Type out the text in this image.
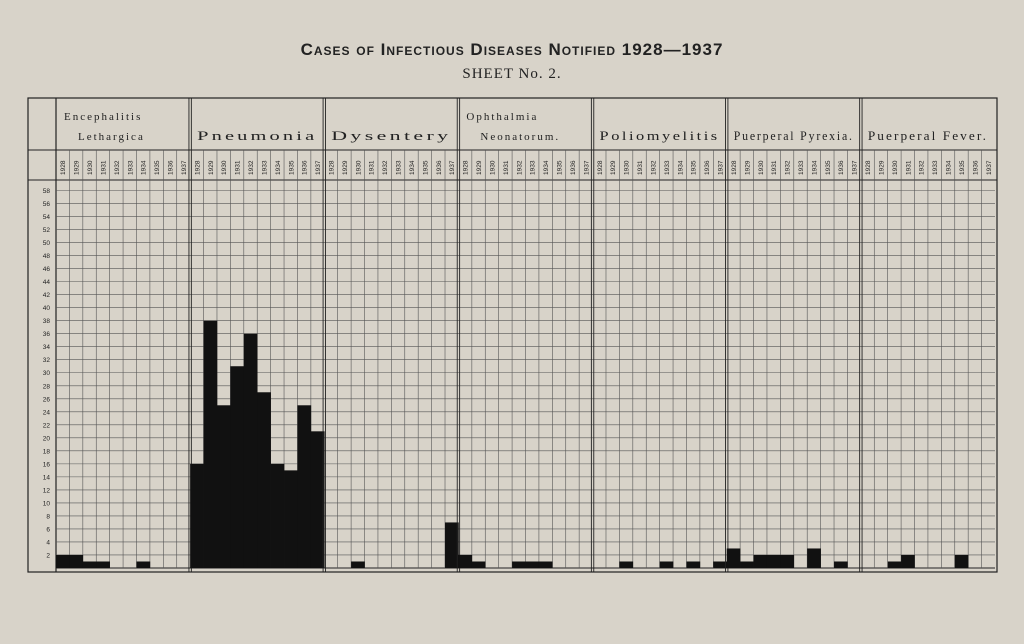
Cases of Infectious Diseases Notified 1928—1937
SHEET No. 2.
2
4
6
8
10
12
14
16
18
20
22
24
26
28
30
32
34
36
38
40
42
44
46
48
50
52
54
56
58
Encephalitis
Lethargica
1928 1929 1930 1931 1932 1933 1934 1935 1936 1937
Pneumonia
1928 1929 1930 1931 1932 1933 1934 1935 1936 1937
Dysentery
1928 1929 1930 1931 1932 1933 1934 1935 1936 1937
Ophthalmia
Neonatorum.
1928 1929 1930 1931 1932 1933 1934 1935 1936 1937
Poliomyelitis
1928 1929 1930 1931 1932 1933 1934 1935 1936 1937
Puerperal Pyrexia.
1928 1929 1930 1931 1932 1933 1934 1935 1936 1937
Puerperal Fever.
1928 1929 1930 1931 1932 1933 1934 1935 1936 1937
